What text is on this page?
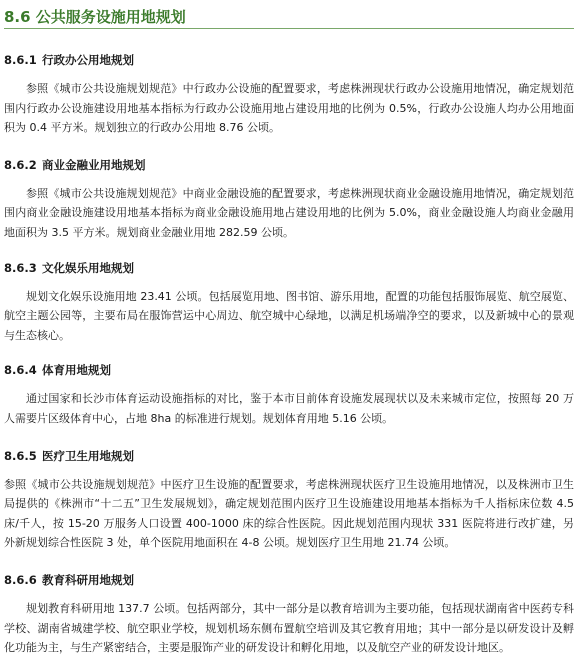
8.6 公共服务设施用地规划
8.6.1 行政办公用地规划

参照《城市公共设施规划规范》中行政办公设施的配置要求，考虑株洲现状行政办公设施用地情况，确定规划范围内行政办公设施建设用地基本指标为行政办公设施用地占建设用地的比例为 0.5%，行政办公设施人均办公用地面积为 0.4 平方米。规划独立的行政办公用地 8.76 公顷。

8.6.2 商业金融业用地规划

参照《城市公共设施规划规范》中商业金融设施的配置要求，考虑株洲现状商业金融设施用地情况，确定规划范围内商业金融设施建设用地基本指标为商业金融设施用地占建设用地的比例为 5.0%，商业金融设施人均商业金融用地面积为 3.5 平方米。规划商业金融业用地 282.59 公顷。

8.6.3 文化娱乐用地规划

规划文化娱乐设施用地 23.41 公顷。包括展览用地、图书馆、游乐用地，配置的功能包括服饰展览、航空展览、航空主题公园等，主要布局在服饰营运中心周边、航空城中心绿地，以满足机场端净空的要求，以及新城中心的景观与生态核心。

8.6.4 体育用地规划

通过国家和长沙市体育运动设施指标的对比，鉴于本市目前体育设施发展现状以及未来城市定位，按照每 20 万人需要片区级体育中心，占地 8ha 的标准进行规划。规划体育用地 5.16 公顷。

8.6.5 医疗卫生用地规划

参照《城市公共设施规划规范》中医疗卫生设施的配置要求，考虑株洲现状医疗卫生设施用地情况，以及株洲市卫生局提供的《株洲市“十二五”卫生发展规划》，确定规划范围内医疗卫生设施建设用地基本指标为千人指标床位数 4.5 床/千人，按 15-20 万服务人口设置 400-1000 床的综合性医院。因此规划范围内现状 331 医院将进行改扩建，另外新规划综合性医院 3 处，单个医院用地面积在 4-8 公顷。规划医疗卫生用地 21.74 公顷。

8.6.6 教育科研用地规划

规划教育科研用地 137.7 公顷。包括两部分，其中一部分是以教育培训为主要功能，包括现状湖南省中医药专科学校、湖南省城建学校、航空职业学校，规划机场东侧布置航空培训及其它教育用地；其中一部分是以研发设计及孵化功能为主，与生产紧密结合，主要是服饰产业的研发设计和孵化用地，以及航空产业的研发设计地区。
